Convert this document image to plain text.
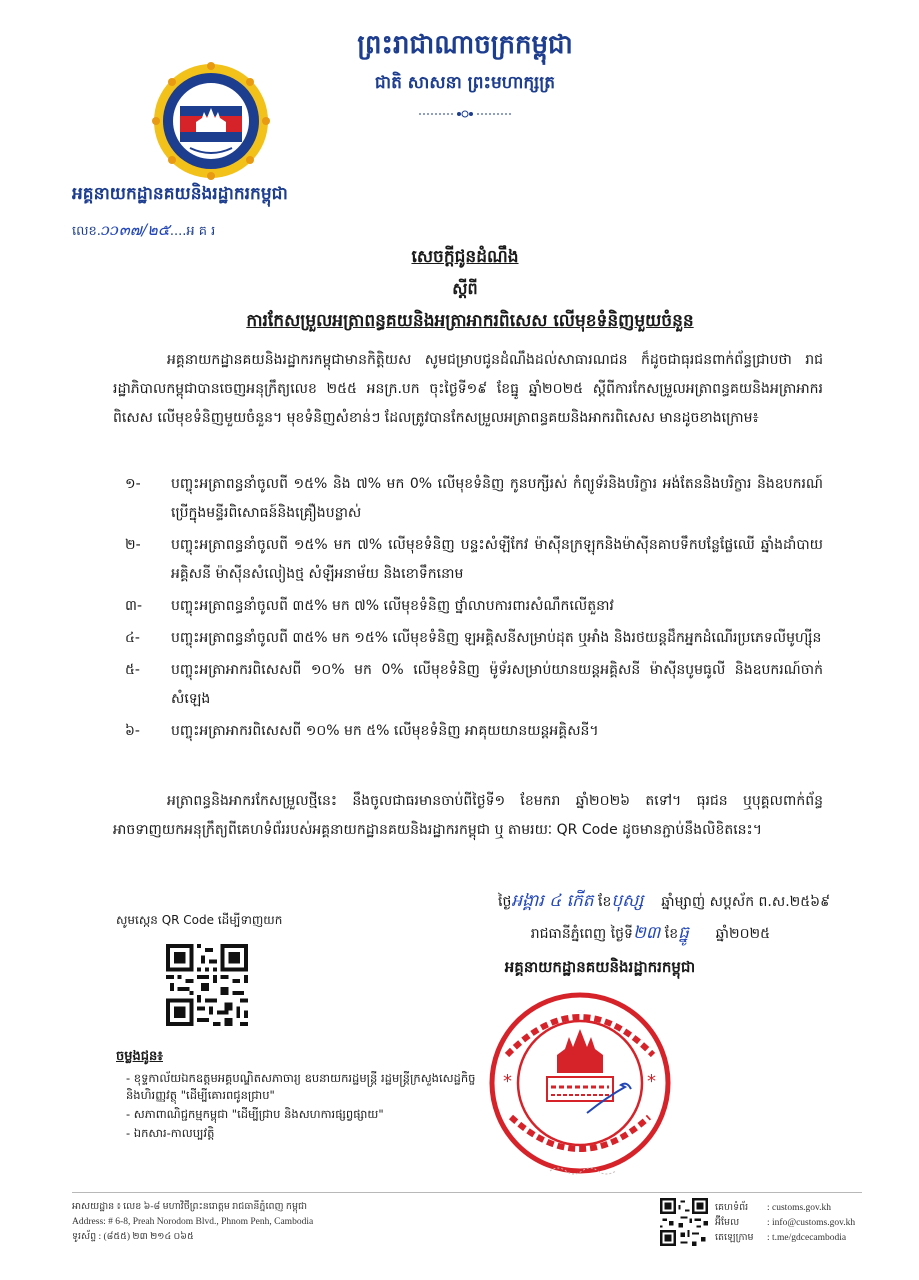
ព្រះរាជាណាចក្រកម្ពុជា
ជាតិ សាសនា ព្រះមហាក្សត្រ
អគ្គនាយកដ្ឋានគយនិងរដ្ឋាករកម្ពុជា
លេខ.ɔɔ๓๗/๒๕....អ គ រ
សេចក្តីជូនដំណឹង
ស្តីពី
ការកែសម្រួលអត្រាពន្ធគយនិងអត្រាអាករពិសេស លើមុខទំនិញមួយចំនួន

អគ្គនាយកដ្ឋានគយនិងរដ្ឋាករកម្ពុជាមានកិត្តិយស សូមជម្រាបជូនដំណឹងដល់សាធារណជន ក៏ដូចជាធុរជនពាក់ព័ន្ធជ្រាបថា រាជរដ្ឋាភិបាលកម្ពុជាបានចេញអនុក្រឹត្យលេខ ២៥៥ អនក្រ.បក ចុះថ្ងៃទី១៩ ខែធ្នូ ឆ្នាំ២០២៥ ស្តីពីការកែសម្រួលអត្រាពន្ធគយនិងអត្រាអាករពិសេស លើមុខទំនិញមួយចំនួន។ មុខទំនិញសំខាន់ៗ ដែលត្រូវបានកែសម្រួលអត្រាពន្ធគយនិងអាករពិសេស មានដូចខាងក្រោម៖

១-	បញ្ចុះអត្រាពន្ធនាំចូលពី ១៥% និង ៧% មក 0% លើមុខទំនិញ កូនបក្សីរស់ កំព្យូទ័រនិងបរិក្ខារ អង់តែននិងបរិក្ខារ និងឧបករណ៍ប្រើក្នុងមន្ទីរពិសោធន៍និងគ្រឿងបន្លាស់
២-	បញ្ចុះអត្រាពន្ធនាំចូលពី ១៥% មក ៧% លើមុខទំនិញ បន្ទះសំឡីកែវ ម៉ាស៊ីនក្រឡុកនិងម៉ាស៊ីនគាបទឹកបន្លែផ្លែឈើ ឆ្នាំងដាំបាយអគ្គិសនី ម៉ាស៊ីនសំលៀងថ្ម សំឡីអនាម័យ និងខោទឹកនោម
៣-	បញ្ចុះអត្រាពន្ធនាំចូលពី ៣៥% មក ៧% លើមុខទំនិញ ថ្នាំលាបការពារសំណឹកលើតួនាវ
៤-	បញ្ចុះអត្រាពន្ធនាំចូលពី ៣៥% មក ១៥% លើមុខទំនិញ ឡអគ្គិសនីសម្រាប់ដុត ឬអាំង និងរថយន្តដឹកអ្នកដំណើរប្រភេទលីមូហ្ស៊ីន
៥-	បញ្ចុះអត្រាអាករពិសេសពី ១០% មក 0% លើមុខទំនិញ ម៉ូទ័រសម្រាប់យានយន្តអគ្គិសនី ម៉ាស៊ីនបូមធូលី និងឧបករណ៍ចាក់សំឡេង
៦-	បញ្ចុះអត្រាអាករពិសេសពី ១០% មក ៥% លើមុខទំនិញ អាគុយយានយន្តអគ្គិសនី។

អត្រាពន្ធនិងអាករកែសម្រួលថ្មីនេះ នឹងចូលជាធរមានចាប់ពីថ្ងៃទី១ ខែមករា ឆ្នាំ២០២៦ តទៅ។ ធុរជន ឬបុគ្គលពាក់ព័ន្ធអាចទាញយកអនុក្រឹត្យពីគេហទំព័ររបស់អគ្គនាយកដ្ឋានគយនិងរដ្ឋាករកម្ពុជា ឬ តាមរយៈ QR Code ដូចមានភ្ជាប់នឹងលិខិតនេះ។

ថ្ងៃអង្គារ ៤ កើត ខែបុស្ស ឆ្នាំម្សាញ់ សប្តស័ក ព.ស.២៥៦៩
រាជធានីភ្នំពេញ ថ្ងៃទី២៣ ខែធ្នូ ឆ្នាំ២០២៥
អគ្គនាយកដ្ឋានគយនិងរដ្ឋាករកម្ពុជា
*	*
សូមស្កេន QR Code ដើម្បីទាញយក
ចម្លងជូន៖
- ខុទ្ទកាល័យឯកឧត្តមអគ្គបណ្ឌិតសភាចារ្យ ឧបនាយករដ្ឋមន្ត្រី រដ្ឋមន្ត្រីក្រសួងសេដ្ឋកិច្ចនិងហិរញ្ញវត្ថុ "ដើម្បីគោរពជូនជ្រាប"
- សភាពាណិជ្ជកម្មកម្ពុជា "ដើម្បីជ្រាប និងសហការផ្សព្វផ្សាយ"
- ឯកសារ-កាលប្បវត្តិ
អាសយដ្ឋាន ៖ លេខ ៦-៨ មហាវិថីព្រះនរោត្តម រាជធានីភ្នំពេញ កម្ពុជា
Address: # 6-8, Preah Norodom Blvd., Phnom Penh, Cambodia
ទូរស័ព្ទ : (៨៥៥) ២៣ ២១៤ ០៦៥
គេហទំព័រ	: customs.gov.kh
អ៊ីមែល	: info@customs.gov.kh
តេឡេក្រាម	: t.me/gdcecambodia
